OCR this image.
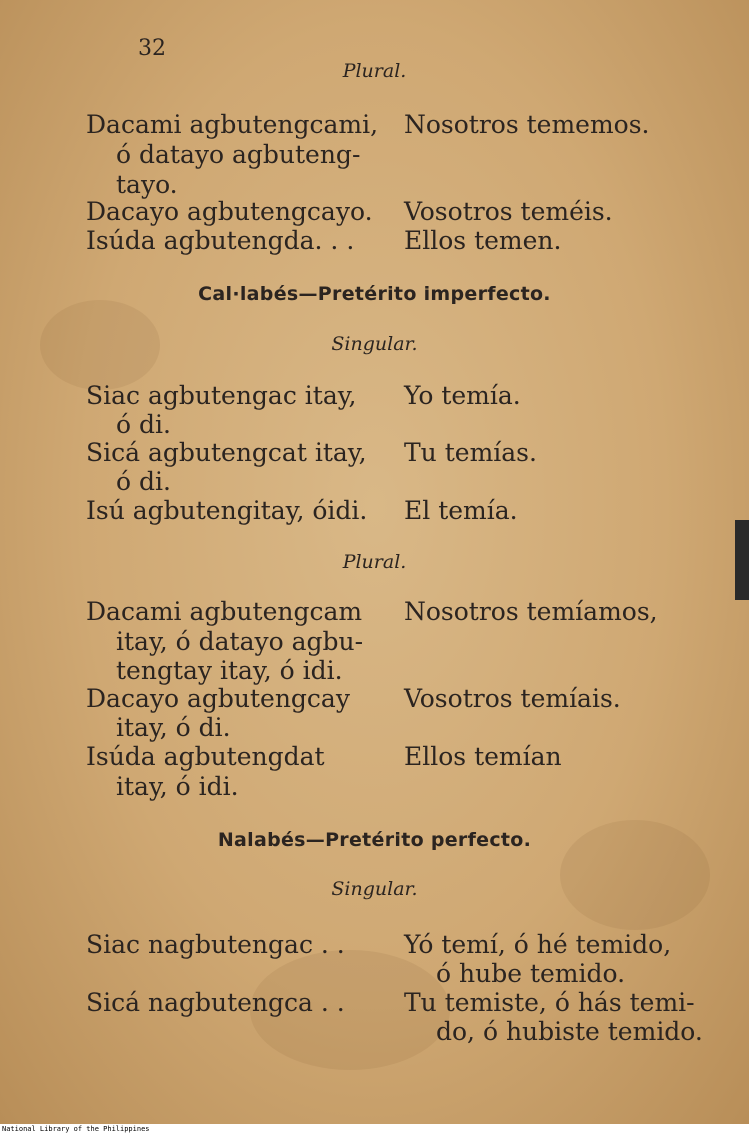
32
Plural.
Dacami agbutengcami,
ó datayo agbuteng-
tayo.
Dacayo agbutengcayo.
Isúda agbutengda. . .
Nosotros tememos.
Vosotros teméis.
Ellos temen.
Cal·labés—Pretérito imperfecto.
Singular.
Siac agbutengac itay,
ó di.
Sicá agbutengcat itay,
ó di.
Isú agbutengitay, óidi.
Yo temía.
Tu temías.
El temía.
Plural.
Dacami agbutengcam
itay, ó datayo agbu-
tengtay itay, ó idi.
Dacayo agbutengcay
itay, ó di.
Isúda agbutengdat
itay, ó idi.
Nosotros temíamos,
Vosotros temíais.
Ellos temían
Nalabés—Pretérito perfecto.
Singular.
Siac nagbutengac . .
Sicá nagbutengca . .
Yó temí, ó hé temido,
ó hube temido.
Tu temiste, ó hás temi-
do, ó hubiste temido.
National Library of the Philippines
